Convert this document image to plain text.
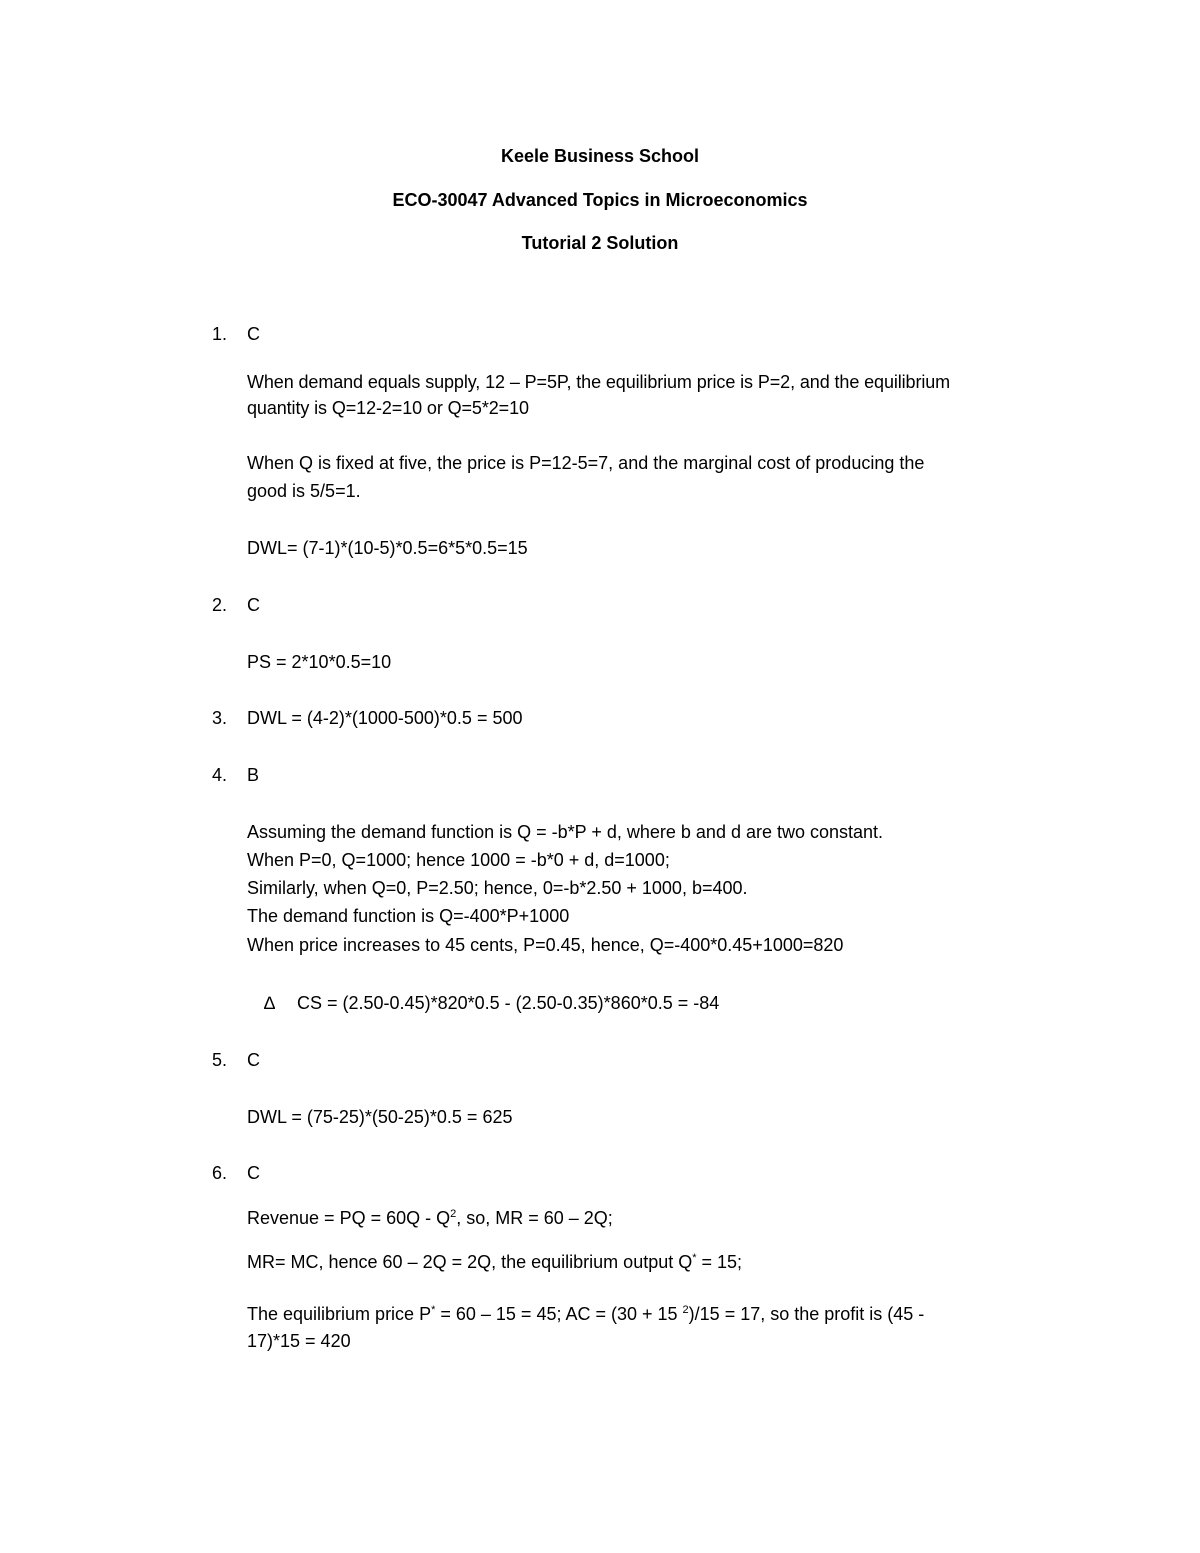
Keele Business School
ECO-30047 Advanced Topics in Microeconomics
Tutorial 2 Solution
1. C
When demand equals supply, 12 – P=5P, the equilibrium price is P=2, and the equilibrium
quantity is Q=12-2=10 or Q=5*2=10
When Q is fixed at five, the price is P=12-5=7, and the marginal cost of producing the
good is 5/5=1.
DWL= (7-1)*(10-5)*0.5=6*5*0.5=15
2. C
PS = 2*10*0.5=10
3. DWL = (4-2)*(1000-500)*0.5 = 500
4. B
Assuming the demand function is Q = -b*P + d, where b and d are two constant.
When P=0, Q=1000; hence 1000 = -b*0 + d, d=1000;
Similarly, when Q=0, P=2.50; hence, 0=-b*2.50 + 1000, b=400.
The demand function is Q=-400*P+1000
When price increases to 45 cents, P=0.45, hence, Q=-400*0.45+1000=820
∆ CS = (2.50-0.45)*820*0.5 - (2.50-0.35)*860*0.5 = -84
5. C
DWL = (75-25)*(50-25)*0.5 = 625
6. C
Revenue = PQ = $60Q - Q^2$, so, MR = 60 – 2Q;
MR= MC, hence 60 – 2Q = 2Q, the equilibrium output Q* = 15;
The equilibrium price P* = 60 – 15 = 45; AC = (30 + 15 $^2$)/15 = 17, so the profit is (45 -
17)*15 = 420
